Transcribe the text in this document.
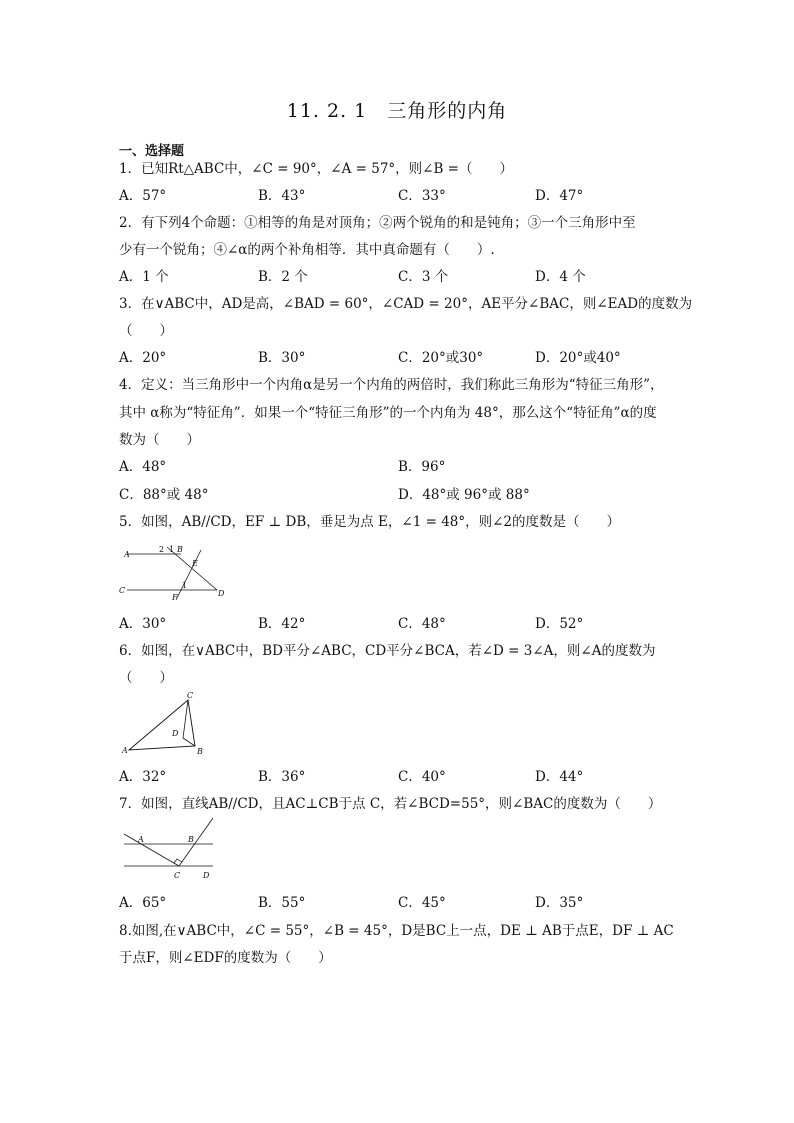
11. 2. 1　三角形的内角
一、选择题
1．已知Rt△ABC中，∠C = 90°，∠A = 57°，则∠B =（　　）
A．57°	B．43°	C．33°	D．47°
2．有下列4个命题：①相等的角是对顶角；②两个锐角的和是钝角；③一个三角形中至
少有一个锐角；④∠α的两个补角相等．其中真命题有（　　）.
A．1 个	B．2 个	C．3 个	D．4 个
3．在∨ABC中，AD是高，∠BAD = 60°，∠CAD = 20°，AE平分∠BAC，则∠EAD的度数为
（　　）
A．20°	B．30°	C．20°或30°	D．20°或40°
4．定义：当三角形中一个内角α是另一个内角的两倍时，我们称此三角形为“特征三角形”，
其中 α称为“特征角”．如果一个“特征三角形”的一个内角为 48°，那么这个“特征角”α的度
数为（　　）
A．48°	B．96°
C．88°或 48°	D．48°或 96°或 88°
5．如图，AB//CD，EF ⊥ DB，垂足为点 E，∠1 = 48°，则∠2的度数是（　　）
A
B
2 1
E
C
F
1
D
A．30°	B．42°	C．48°	D．52°
6．如图，在∨ABC中，BD平分∠ABC，CD平分∠BCA，若∠D = 3∠A，则∠A的度数为
（　　）
C
D
A	B
A．32°	B．36°	C．40°	D．44°
7．如图，直线AB//CD，且AC⊥CB于点 C，若∠BCD=55°，则∠BAC的度数为（　　）
A	B
C	D
A．65°	B．55°	C．45°	D．35°
8.如图,在∨ABC中，∠C = 55°，∠B = 45°，D是BC上一点，DE ⊥ AB于点E，DF ⊥ AC
于点F，则∠EDF的度数为（　　）
